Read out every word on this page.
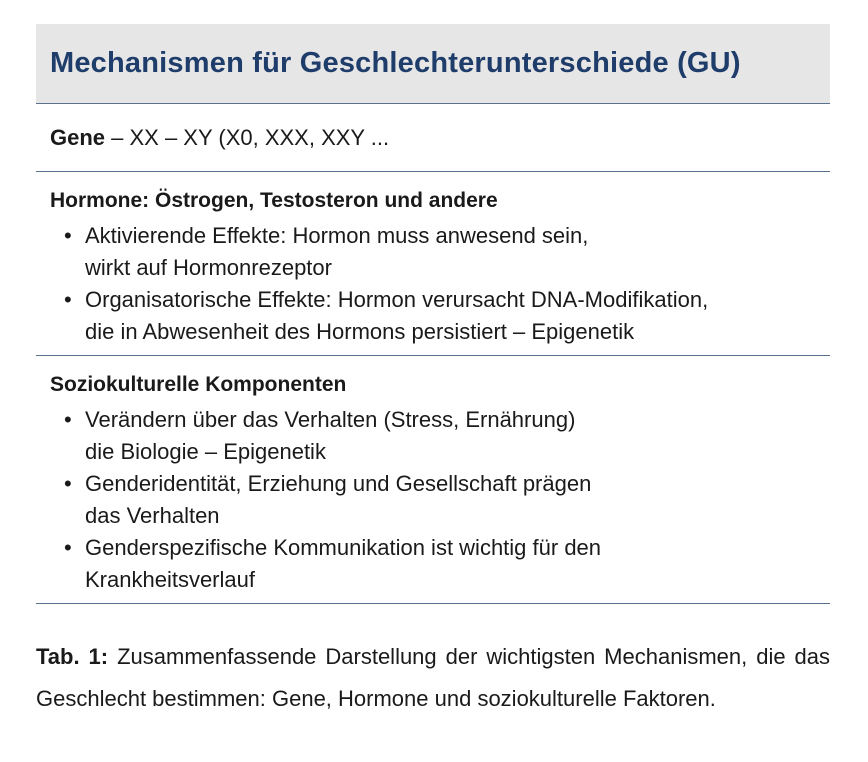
Mechanismen für Geschlechterunterschiede (GU)
Gene – XX – XY (X0, XXX, XXY ...
Hormone: Östrogen, Testosteron und andere
• Aktivierende Effekte: Hormon muss anwesend sein,
wirkt auf Hormonrezeptor
• Organisatorische Effekte: Hormon verursacht DNA-Modifikation,
die in Abwesenheit des Hormons persistiert – Epigenetik
Soziokulturelle Komponenten
• Verändern über das Verhalten (Stress, Ernährung)
die Biologie – Epigenetik
• Genderidentität, Erziehung und Gesellschaft prägen
das Verhalten
• Genderspezifische Kommunikation ist wichtig für den
Krankheitsverlauf

Tab. 1: Zusammenfassende Darstellung der wichtigsten Mechanismen, die das Geschlecht bestimmen: Gene, Hormone und soziokulturelle Faktoren.
